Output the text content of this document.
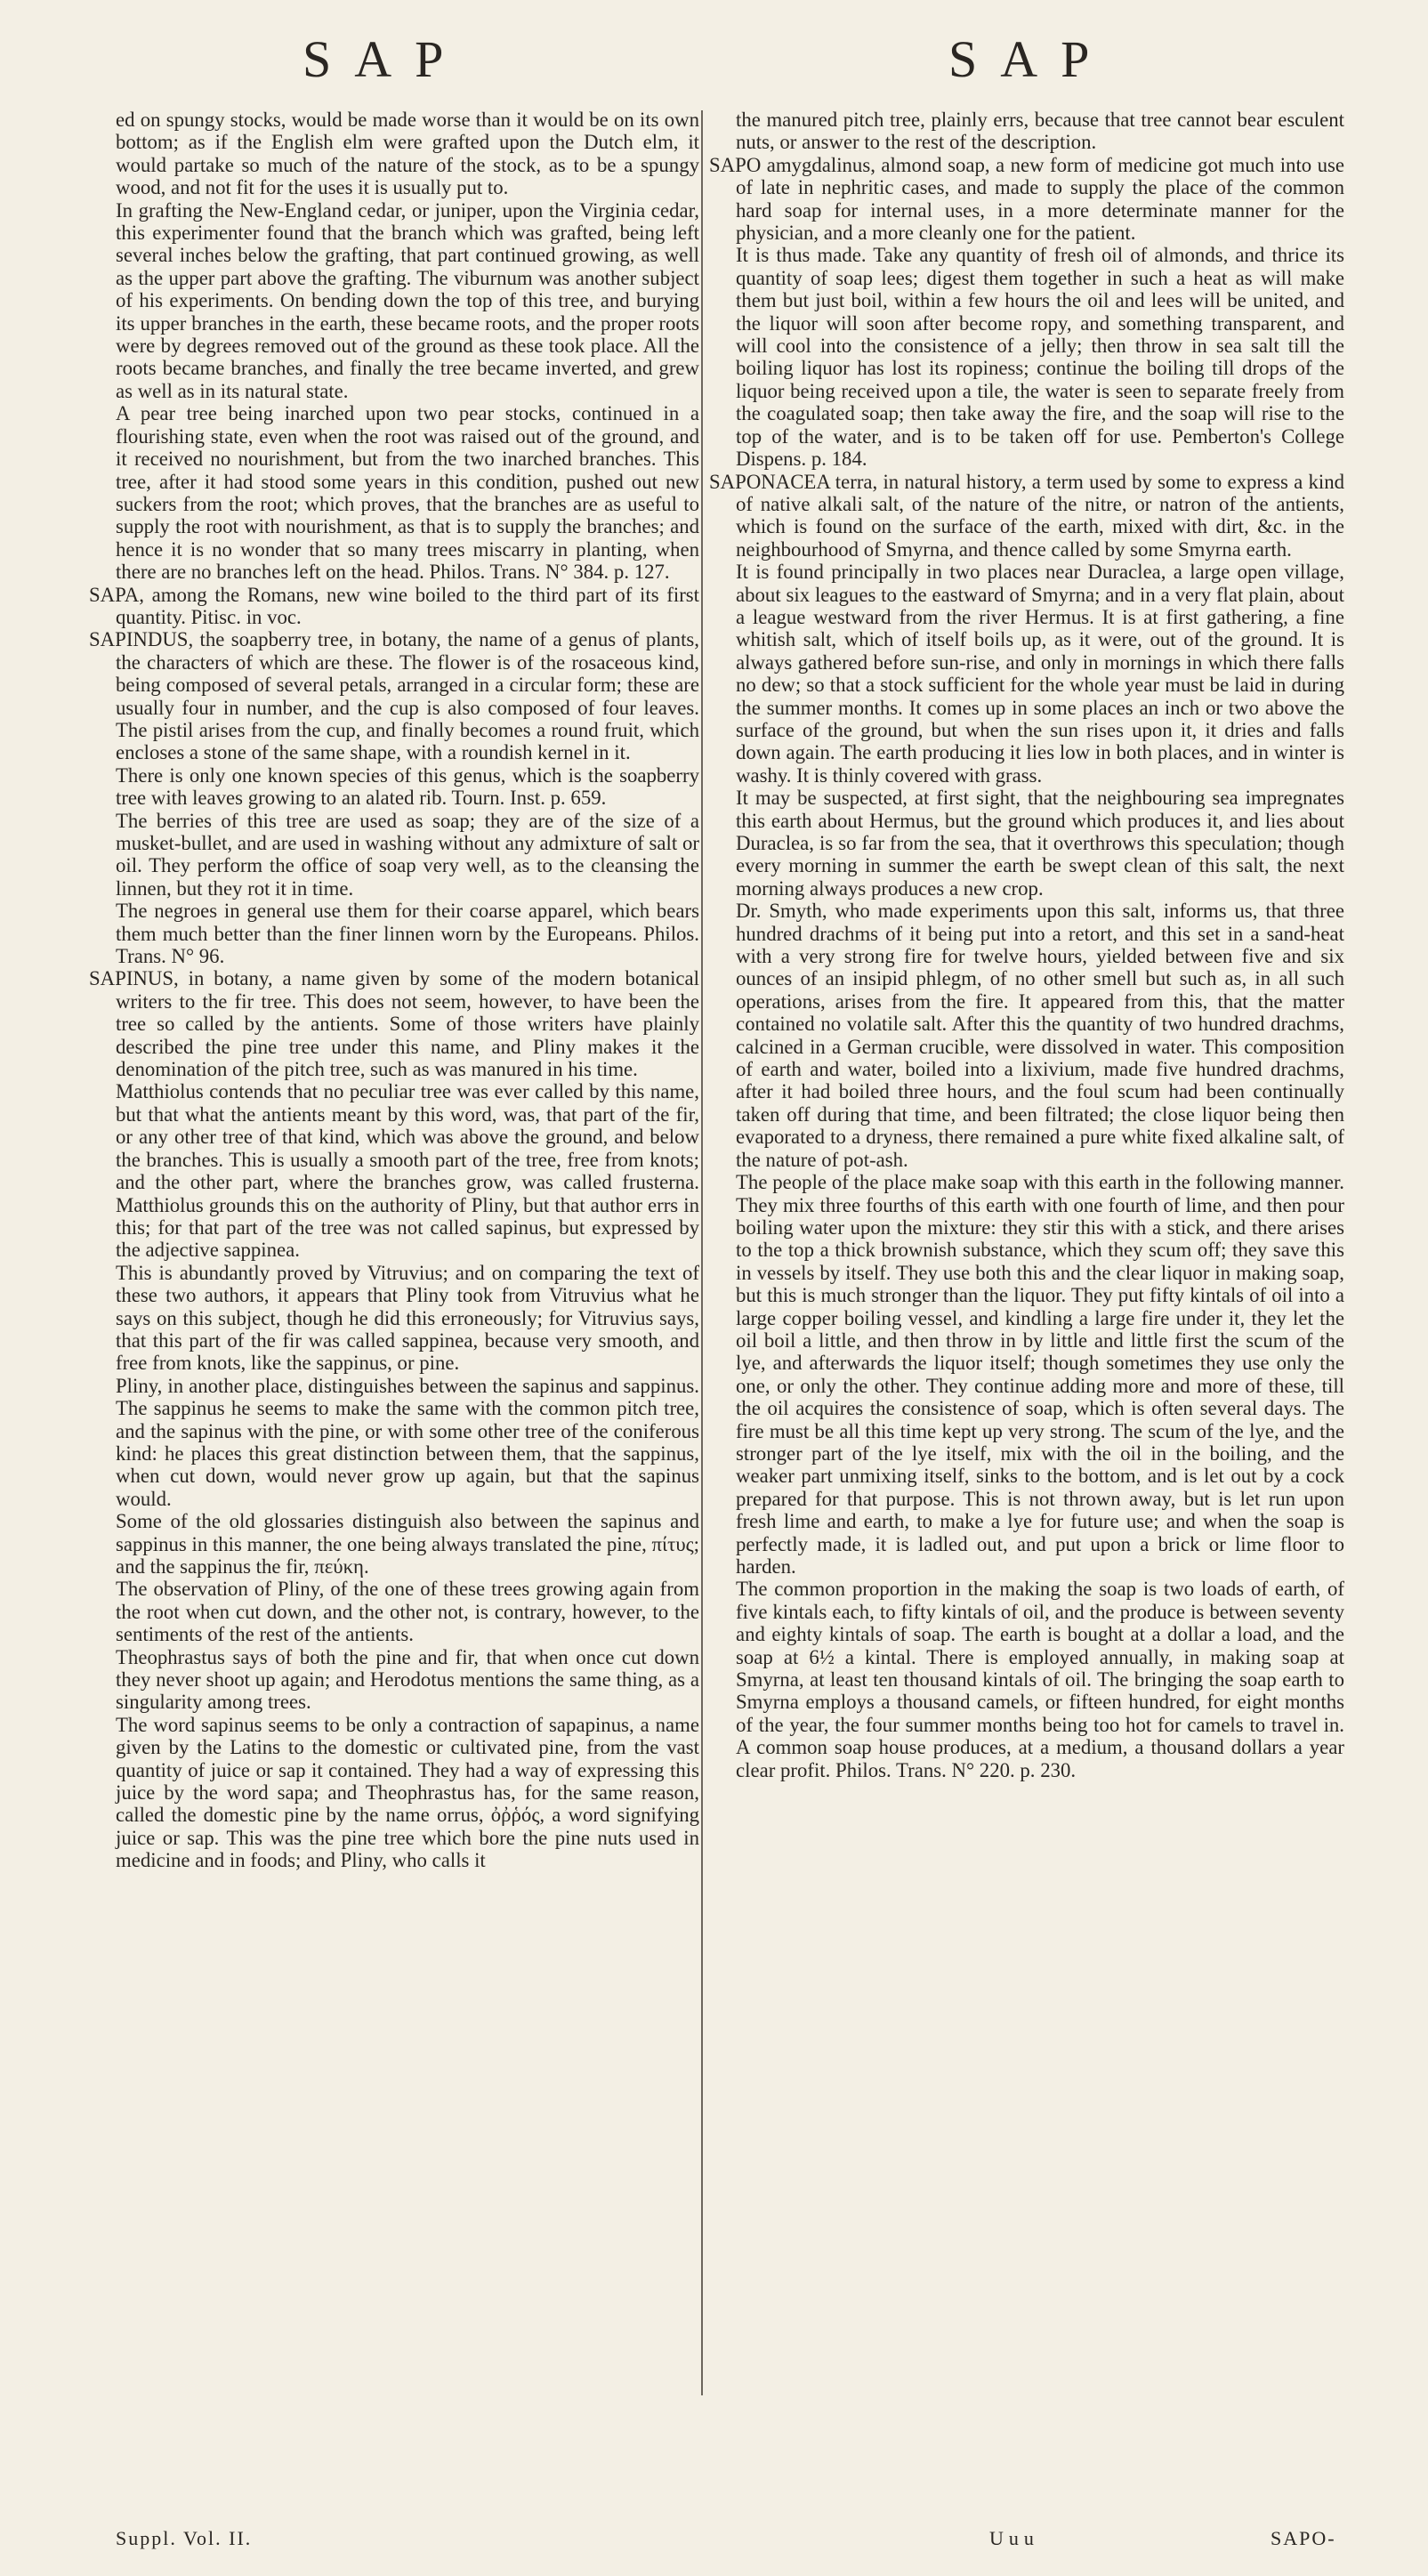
SAP	SAP

ed on spungy stocks, would be made worse than it would be on its own bottom; as if the English elm were grafted upon the Dutch elm, it would partake so much of the nature of the stock, as to be a spungy wood, and not fit for the uses it is usually put to.

In grafting the New-England cedar, or juniper, upon the Virginia cedar, this experimenter found that the branch which was grafted, being left several inches below the grafting, that part continued growing, as well as the upper part above the grafting. The viburnum was another subject of his experiments. On bending down the top of this tree, and burying its upper branches in the earth, these became roots, and the proper roots were by degrees removed out of the ground as these took place. All the roots became branches, and finally the tree became inverted, and grew as well as in its natural state.

A pear tree being inarched upon two pear stocks, continued in a flourishing state, even when the root was raised out of the ground, and it received no nourishment, but from the two inarched branches. This tree, after it had stood some years in this condition, pushed out new suckers from the root; which proves, that the branches are as useful to supply the root with nourishment, as that is to supply the branches; and hence it is no wonder that so many trees miscarry in planting, when there are no branches left on the head. Philos. Trans. N° 384. p. 127.

SAPA, among the Romans, new wine boiled to the third part of its first quantity. Pitisc. in voc.

SAPINDUS, the soapberry tree, in botany, the name of a genus of plants, the characters of which are these. The flower is of the rosaceous kind, being composed of several petals, arranged in a circular form; these are usually four in number, and the cup is also composed of four leaves. The pistil arises from the cup, and finally becomes a round fruit, which encloses a stone of the same shape, with a roundish kernel in it.

There is only one known species of this genus, which is the soapberry tree with leaves growing to an alated rib. Tourn. Inst. p. 659.

The berries of this tree are used as soap; they are of the size of a musket-bullet, and are used in washing without any admixture of salt or oil. They perform the office of soap very well, as to the cleansing the linnen, but they rot it in time.

The negroes in general use them for their coarse apparel, which bears them much better than the finer linnen worn by the Europeans. Philos. Trans. N° 96.

SAPINUS, in botany, a name given by some of the modern botanical writers to the fir tree. This does not seem, however, to have been the tree so called by the antients. Some of those writers have plainly described the pine tree under this name, and Pliny makes it the denomination of the pitch tree, such as was manured in his time.

Matthiolus contends that no peculiar tree was ever called by this name, but that what the antients meant by this word, was, that part of the fir, or any other tree of that kind, which was above the ground, and below the branches. This is usually a smooth part of the tree, free from knots; and the other part, where the branches grow, was called frusterna. Matthiolus grounds this on the authority of Pliny, but that author errs in this; for that part of the tree was not called sapinus, but expressed by the adjective sappinea.

This is abundantly proved by Vitruvius; and on comparing the text of these two authors, it appears that Pliny took from Vitruvius what he says on this subject, though he did this erroneously; for Vitruvius says, that this part of the fir was called sappinea, because very smooth, and free from knots, like the sappinus, or pine.

Pliny, in another place, distinguishes between the sapinus and sappinus. The sappinus he seems to make the same with the common pitch tree, and the sapinus with the pine, or with some other tree of the coniferous kind: he places this great distinction between them, that the sappinus, when cut down, would never grow up again, but that the sapinus would.

Some of the old glossaries distinguish also between the sapinus and sappinus in this manner, the one being always translated the pine, πίτυς; and the sappinus the fir, πεύκη.

The observation of Pliny, of the one of these trees growing again from the root when cut down, and the other not, is contrary, however, to the sentiments of the rest of the antients.

Theophrastus says of both the pine and fir, that when once cut down they never shoot up again; and Herodotus mentions the same thing, as a singularity among trees.

The word sapinus seems to be only a contraction of sapapinus, a name given by the Latins to the domestic or cultivated pine, from the vast quantity of juice or sap it contained. They had a way of expressing this juice by the word sapa; and Theophrastus has, for the same reason, called the domestic pine by the name orrus, ὀῤῥός, a word signifying juice or sap. This was the pine tree which bore the pine nuts used in medicine and in foods; and Pliny, who calls it

the manured pitch tree, plainly errs, because that tree cannot bear esculent nuts, or answer to the rest of the description.

SAPO amygdalinus, almond soap, a new form of medicine got much into use of late in nephritic cases, and made to supply the place of the common hard soap for internal uses, in a more determinate manner for the physician, and a more cleanly one for the patient.

It is thus made. Take any quantity of fresh oil of almonds, and thrice its quantity of soap lees; digest them together in such a heat as will make them but just boil, within a few hours the oil and lees will be united, and the liquor will soon after become ropy, and something transparent, and will cool into the consistence of a jelly; then throw in sea salt till the boiling liquor has lost its ropiness; continue the boiling till drops of the liquor being received upon a tile, the water is seen to separate freely from the coagulated soap; then take away the fire, and the soap will rise to the top of the water, and is to be taken off for use. Pemberton's College Dispens. p. 184.

SAPONACEA terra, in natural history, a term used by some to express a kind of native alkali salt, of the nature of the nitre, or natron of the antients, which is found on the surface of the earth, mixed with dirt, &c. in the neighbourhood of Smyrna, and thence called by some Smyrna earth.

It is found principally in two places near Duraclea, a large open village, about six leagues to the eastward of Smyrna; and in a very flat plain, about a league westward from the river Hermus. It is at first gathering, a fine whitish salt, which of itself boils up, as it were, out of the ground. It is always gathered before sun-rise, and only in mornings in which there falls no dew; so that a stock sufficient for the whole year must be laid in during the summer months. It comes up in some places an inch or two above the surface of the ground, but when the sun rises upon it, it dries and falls down again. The earth producing it lies low in both places, and in winter is washy. It is thinly covered with grass.

It may be suspected, at first sight, that the neighbouring sea impregnates this earth about Hermus, but the ground which produces it, and lies about Duraclea, is so far from the sea, that it overthrows this speculation; though every morning in summer the earth be swept clean of this salt, the next morning always produces a new crop.

Dr. Smyth, who made experiments upon this salt, informs us, that three hundred drachms of it being put into a retort, and this set in a sand-heat with a very strong fire for twelve hours, yielded between five and six ounces of an insipid phlegm, of no other smell but such as, in all such operations, arises from the fire. It appeared from this, that the matter contained no volatile salt. After this the quantity of two hundred drachms, calcined in a German crucible, were dissolved in water. This composition of earth and water, boiled into a lixivium, made five hundred drachms, after it had boiled three hours, and the foul scum had been continually taken off during that time, and been filtrated; the close liquor being then evaporated to a dryness, there remained a pure white fixed alkaline salt, of the nature of pot-ash.

The people of the place make soap with this earth in the following manner. They mix three fourths of this earth with one fourth of lime, and then pour boiling water upon the mixture: they stir this with a stick, and there arises to the top a thick brownish substance, which they scum off; they save this in vessels by itself. They use both this and the clear liquor in making soap, but this is much stronger than the liquor. They put fifty kintals of oil into a large copper boiling vessel, and kindling a large fire under it, they let the oil boil a little, and then throw in by little and little first the scum of the lye, and afterwards the liquor itself; though sometimes they use only the one, or only the other. They continue adding more and more of these, till the oil acquires the consistence of soap, which is often several days. The fire must be all this time kept up very strong. The scum of the lye, and the stronger part of the lye itself, mix with the oil in the boiling, and the weaker part unmixing itself, sinks to the bottom, and is let out by a cock prepared for that purpose. This is not thrown away, but is let run upon fresh lime and earth, to make a lye for future use; and when the soap is perfectly made, it is ladled out, and put upon a brick or lime floor to harden.

The common proportion in the making the soap is two loads of earth, of five kintals each, to fifty kintals of oil, and the produce is between seventy and eighty kintals of soap. The earth is bought at a dollar a load, and the soap at 6½ a kintal. There is employed annually, in making soap at Smyrna, at least ten thousand kintals of oil. The bringing the soap earth to Smyrna employs a thousand camels, or fifteen hundred, for eight months of the year, the four summer months being too hot for camels to travel in. A common soap house produces, at a medium, a thousand dollars a year clear profit. Philos. Trans. N° 220. p. 230.

Suppl. Vol. II.	Uuu	SAPO-
